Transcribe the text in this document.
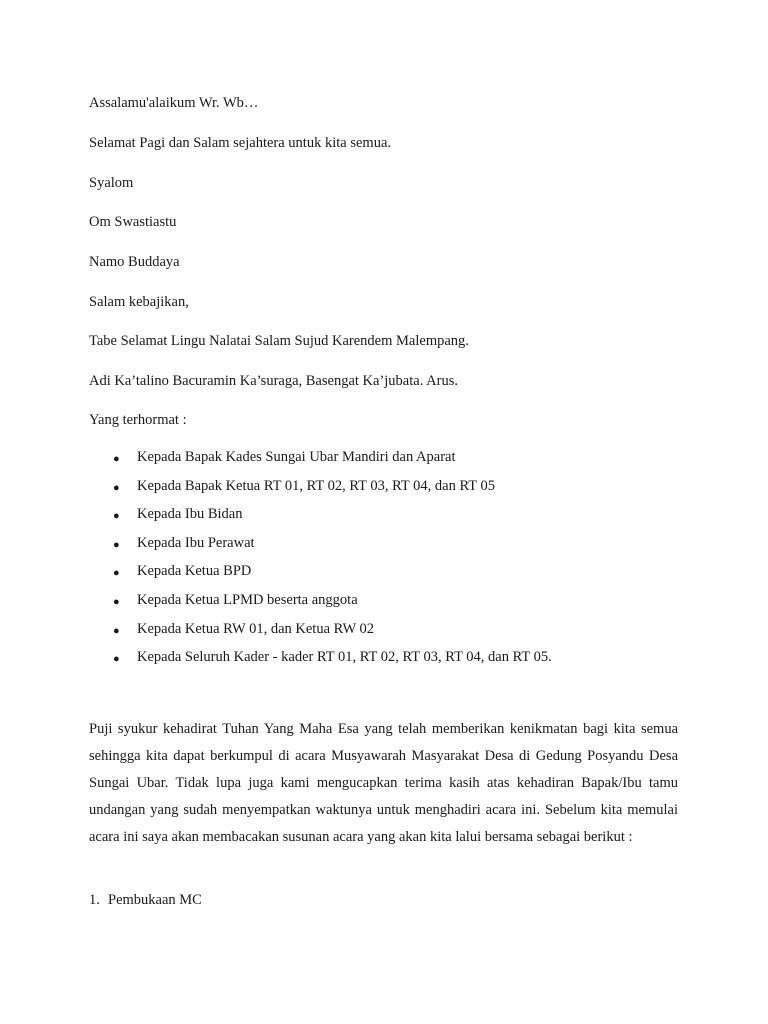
Assalamu'alaikum Wr. Wb…

Selamat Pagi dan Salam sejahtera untuk kita semua.

Syalom

Om Swastiastu

Namo Buddaya

Salam kebajikan,

Tabe Selamat Lingu Nalatai Salam Sujud Karendem Malempang.

Adi Ka’talino Bacuramin Ka’suraga, Basengat Ka’jubata. Arus.

Yang terhormat :

● Kepada Bapak Kades Sungai Ubar Mandiri dan Aparat
● Kepada Bapak Ketua RT 01, RT 02, RT 03, RT 04, dan RT 05
● Kepada Ibu Bidan
● Kepada Ibu Perawat
● Kepada Ketua BPD
● Kepada Ketua LPMD beserta anggota
● Kepada Ketua RW 01, dan Ketua RW 02
● Kepada Seluruh Kader - kader RT 01, RT 02, RT 03, RT 04, dan RT 05.

Puji syukur kehadirat Tuhan Yang Maha Esa yang telah memberikan kenikmatan bagi kita semua sehingga kita dapat berkumpul di acara Musyawarah Masyarakat Desa di Gedung Posyandu Desa Sungai Ubar. Tidak lupa juga kami mengucapkan terima kasih atas kehadiran Bapak/Ibu tamu undangan yang sudah menyempatkan waktunya untuk menghadiri acara ini. Sebelum kita memulai acara ini saya akan membacakan susunan acara yang akan kita lalui bersama sebagai berikut :

1. Pembukaan MC
